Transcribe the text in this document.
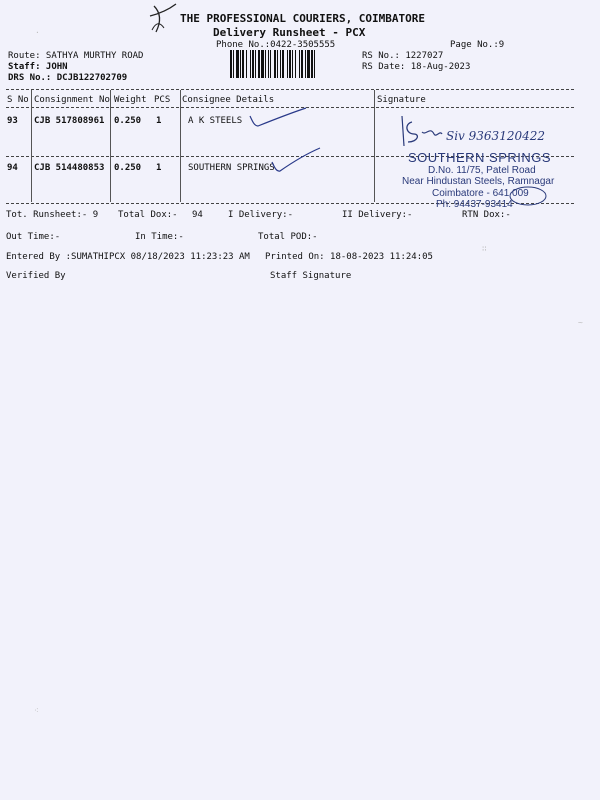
THE PROFESSIONAL COURIERS, COIMBATORE
Delivery Runsheet - PCX
Phone No.:0422-3505555	Page No.:9
Route: SATHYA MURTHY ROAD
Staff: JOHN
DRS No.: DCJB122702709
RS No.: 1227027
RS Date: 18-Aug-2023
S No Consignment No Weight PCS Consignee Details	Signature
93 CJB 517808961 0.250 1	A K STEELS
94 CJB 514480853 0.250 1	SOUTHERN SPRINGS
Siv 9363120422
SOUTHERN SPRINGS
D.No. 11/75, Patel Road
Near Hindustan Steels, Ramnagar
Coimbatore - 641 009
Ph: 94437-93414
Tot. Runsheet:- 9 Total Dox:- 94	I Delivery:-	II Delivery:-	RTN Dox:-
Out Time:-	In Time:-	Total POD:-
Entered By :SUMATHIPCX 08/18/2023 11:23:23 AM Printed On: 18-08-2023 11:24:05
Verified By	Staff Signature
·
∷
~
⁖
